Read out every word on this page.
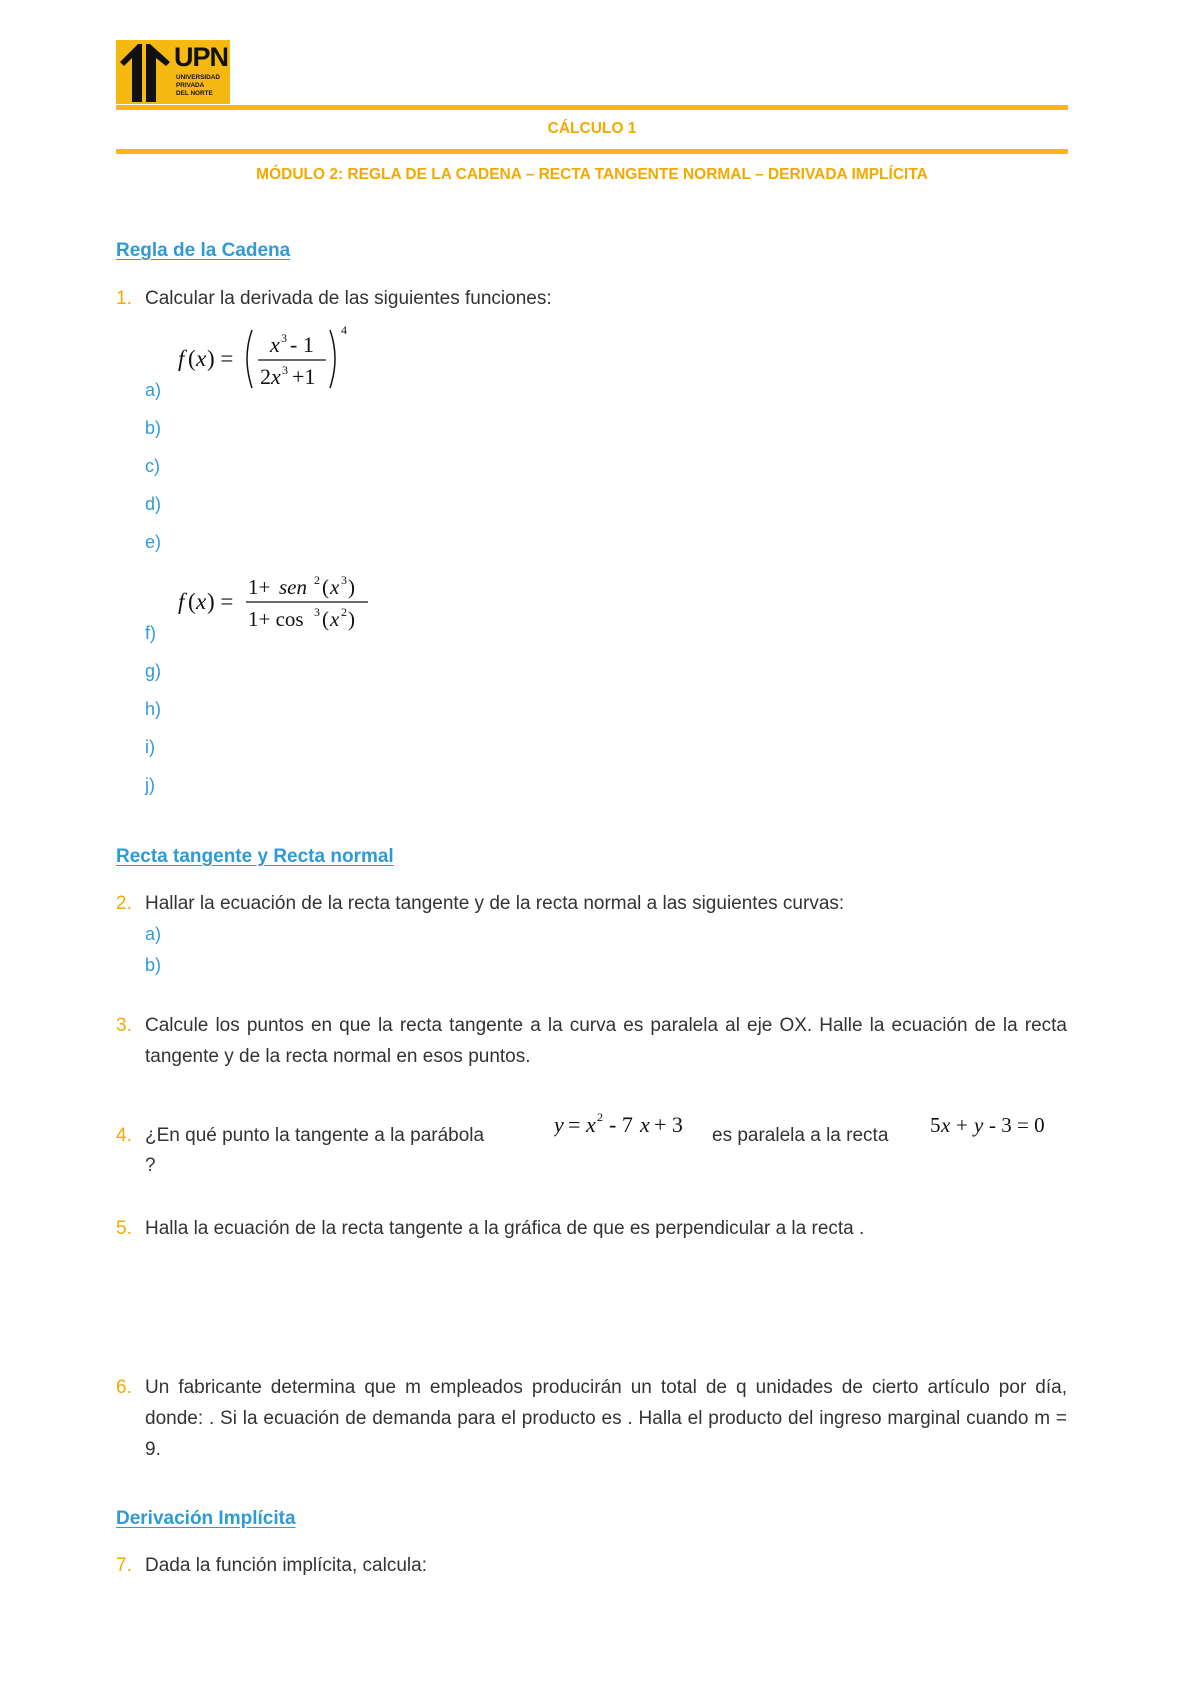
UPN
UNIVERSIDAD
PRIVADA
DEL NORTE
CÁLCULO 1
MÓDULO 2: REGLA DE LA CADENA – RECTA TANGENTE NORMAL – DERIVADA IMPLÍCITA
Regla de la Cadena
1. Calcular la derivada de las siguientes funciones:
f ( x ) =
x 3 - 1
2 x 3 +1
4
a)
b)
c)
d)
e)
f ( x ) =
1+ sen 2 ( x 3 )
1+ cos 3 ( x 2 )
f)
g)
h)
i)
j)
Recta tangente y Recta normal
2. Hallar la ecuación de la recta tangente y de la recta normal a las siguientes curvas:
a)
b)
3. Calcule los puntos en que la recta tangente a la curva es paralela al eje OX. Halle la ecuación de la recta tangente y de la recta normal en esos puntos.
4. ¿En qué punto la tangente a la parábola	y = x 2 - 7 x + 3 es paralela a la recta 5 x + y - 3 = 0
?
5. Halla la ecuación de la recta tangente a la gráfica de que es perpendicular a la recta .
6. Un fabricante determina que m empleados producirán un total de q unidades de cierto artículo por día, donde: . Si la ecuación de demanda para el producto es . Halla el producto del ingreso marginal cuando m = 9.
Derivación Implícita
7. Dada la función implícita, calcula:
